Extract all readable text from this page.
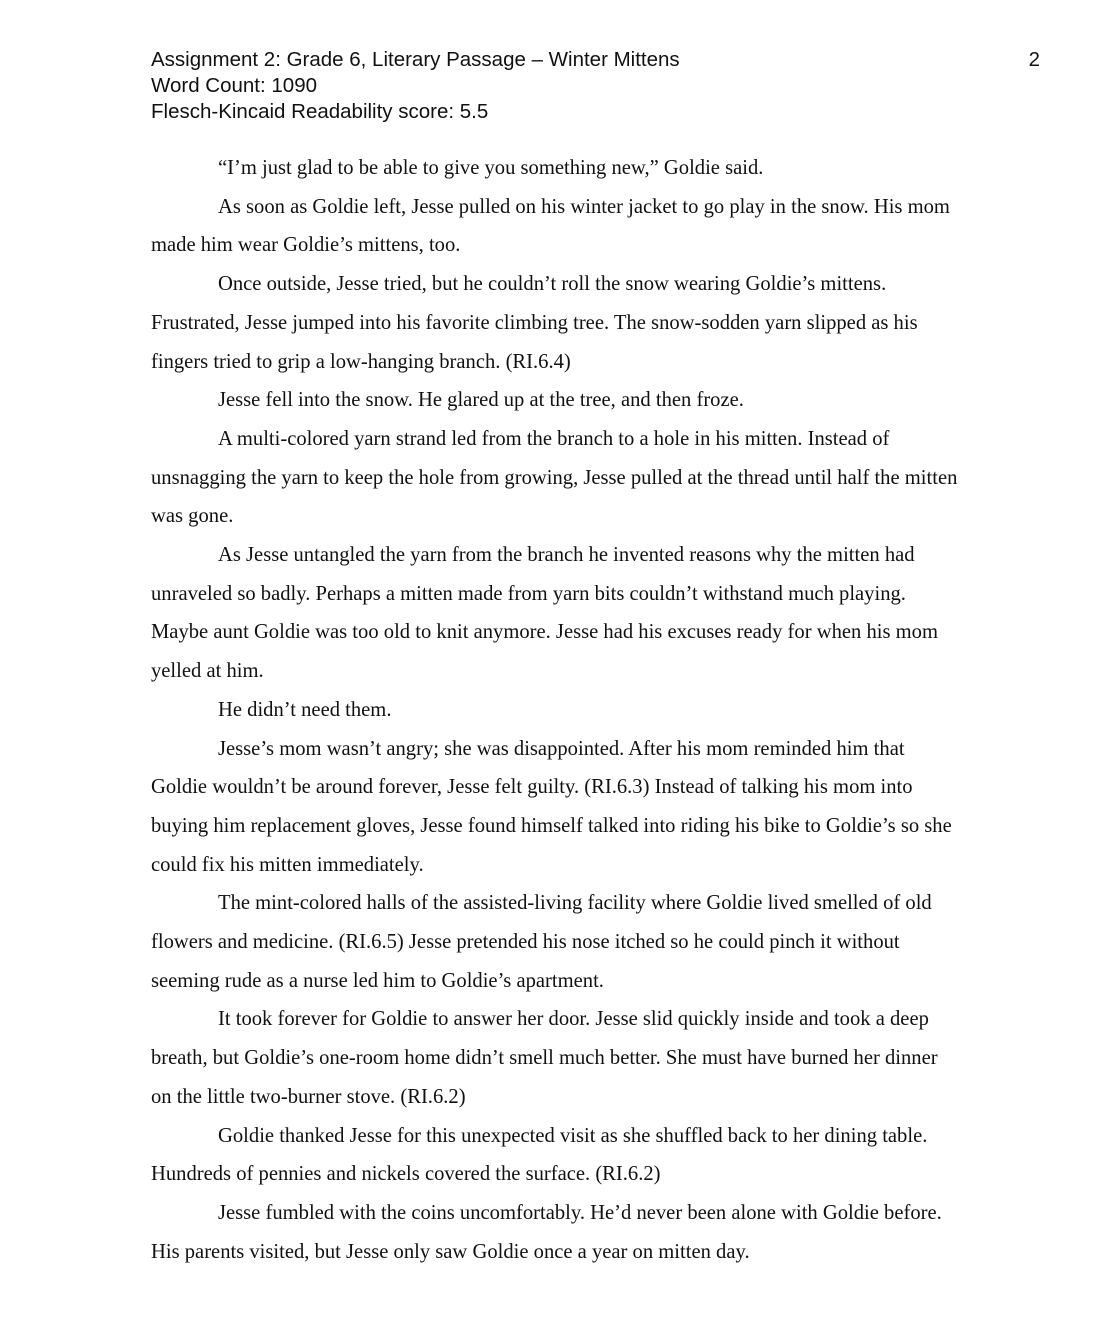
Assignment 2: Grade 6, Literary Passage – Winter Mittens
Word Count: 1090
Flesch-Kincaid Readability score: 5.5
2

“I’m just glad to be able to give you something new,” Goldie said.

As soon as Goldie left, Jesse pulled on his winter jacket to go play in the snow. His mom made him wear Goldie’s mittens, too.

Once outside, Jesse tried, but he couldn’t roll the snow wearing Goldie’s mittens. Frustrated, Jesse jumped into his favorite climbing tree. The snow-sodden yarn slipped as his fingers tried to grip a low-hanging branch. (RI.6.4)

Jesse fell into the snow. He glared up at the tree, and then froze.

A multi-colored yarn strand led from the branch to a hole in his mitten. Instead of unsnagging the yarn to keep the hole from growing, Jesse pulled at the thread until half the mitten was gone.

As Jesse untangled the yarn from the branch he invented reasons why the mitten had unraveled so badly. Perhaps a mitten made from yarn bits couldn’t withstand much playing. Maybe aunt Goldie was too old to knit anymore. Jesse had his excuses ready for when his mom yelled at him.

He didn’t need them.

Jesse’s mom wasn’t angry; she was disappointed. After his mom reminded him that Goldie wouldn’t be around forever, Jesse felt guilty. (RI.6.3) Instead of talking his mom into buying him replacement gloves, Jesse found himself talked into riding his bike to Goldie’s so she could fix his mitten immediately.

The mint-colored halls of the assisted-living facility where Goldie lived smelled of old flowers and medicine. (RI.6.5) Jesse pretended his nose itched so he could pinch it without seeming rude as a nurse led him to Goldie’s apartment.

It took forever for Goldie to answer her door. Jesse slid quickly inside and took a deep breath, but Goldie’s one-room home didn’t smell much better. She must have burned her dinner on the little two-burner stove. (RI.6.2)

Goldie thanked Jesse for this unexpected visit as she shuffled back to her dining table. Hundreds of pennies and nickels covered the surface. (RI.6.2)

Jesse fumbled with the coins uncomfortably. He’d never been alone with Goldie before. His parents visited, but Jesse only saw Goldie once a year on mitten day.
